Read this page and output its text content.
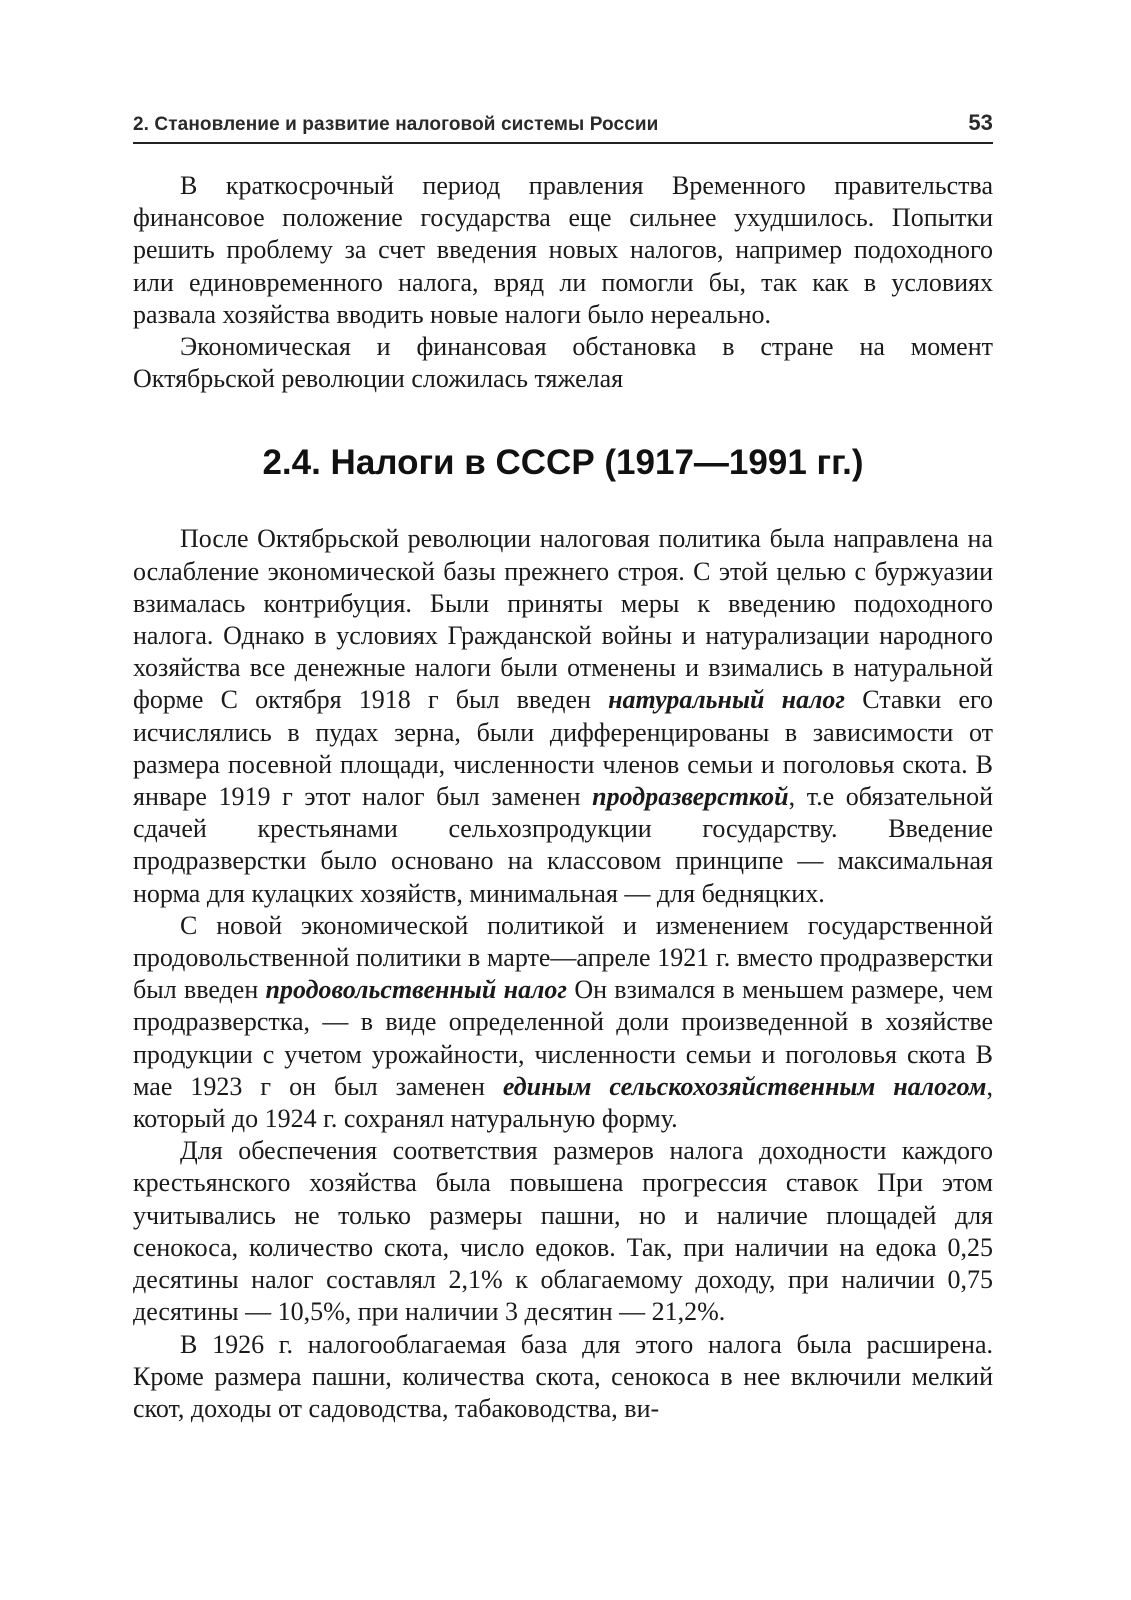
2. Становление и развитие налоговой системы России	53

В краткосрочный период правления Временного правительства финансовое положение государства еще сильнее ухудшилось. Попытки решить проблему за счет введения новых налогов, например подоходного или единовременного налога, вряд ли помогли бы, так как в условиях развала хозяйства вводить новые налоги было нереально.

Экономическая и финансовая обстановка в стране на момент Октябрьской революции сложилась тяжелая

2.4. Налоги в СССР (1917—1991 гг.)

После Октябрьской революции налоговая политика была направлена на ослабление экономической базы прежнего строя. С этой целью с буржуазии взималась контрибуция. Были приняты меры к введению подоходного налога. Однако в условиях Гражданской войны и натурализации народного хозяйства все денежные налоги были отменены и взимались в натуральной форме С октября 1918 г был введен натуральный налог Ставки его исчислялись в пудах зерна, были дифференцированы в зависимости от размера посевной площади, численности членов семьи и поголовья скота. В январе 1919 г этот налог был заменен продразверсткой, т.е обязательной сдачей крестьянами сельхозпродукции государству. Введение продразверстки было основано на классовом принципе — максимальная норма для кулацких хозяйств, минимальная — для бедняцких.

С новой экономической политикой и изменением государственной продовольственной политики в марте—апреле 1921 г. вместо продразверстки был введен продовольственный налог Он взимался в меньшем размере, чем продразверстка, — в виде определенной доли произведенной в хозяйстве продукции с учетом урожайности, численности семьи и поголовья скота В мае 1923 г он был заменен единым сельскохозяйственным налогом, который до 1924 г. сохранял натуральную форму.

Для обеспечения соответствия размеров налога доходности каждого крестьянского хозяйства была повышена прогрессия ставок При этом учитывались не только размеры пашни, но и наличие площадей для сенокоса, количество скота, число едоков. Так, при наличии на едока 0,25 десятины налог составлял 2,1% к облагаемому доходу, при наличии 0,75 десятины — 10,5%, при наличии 3 десятин — 21,2%.

В 1926 г. налогооблагаемая база для этого налога была расширена. Кроме размера пашни, количества скота, сенокоса в нее включили мелкий скот, доходы от садоводства, табаководства, ви-
